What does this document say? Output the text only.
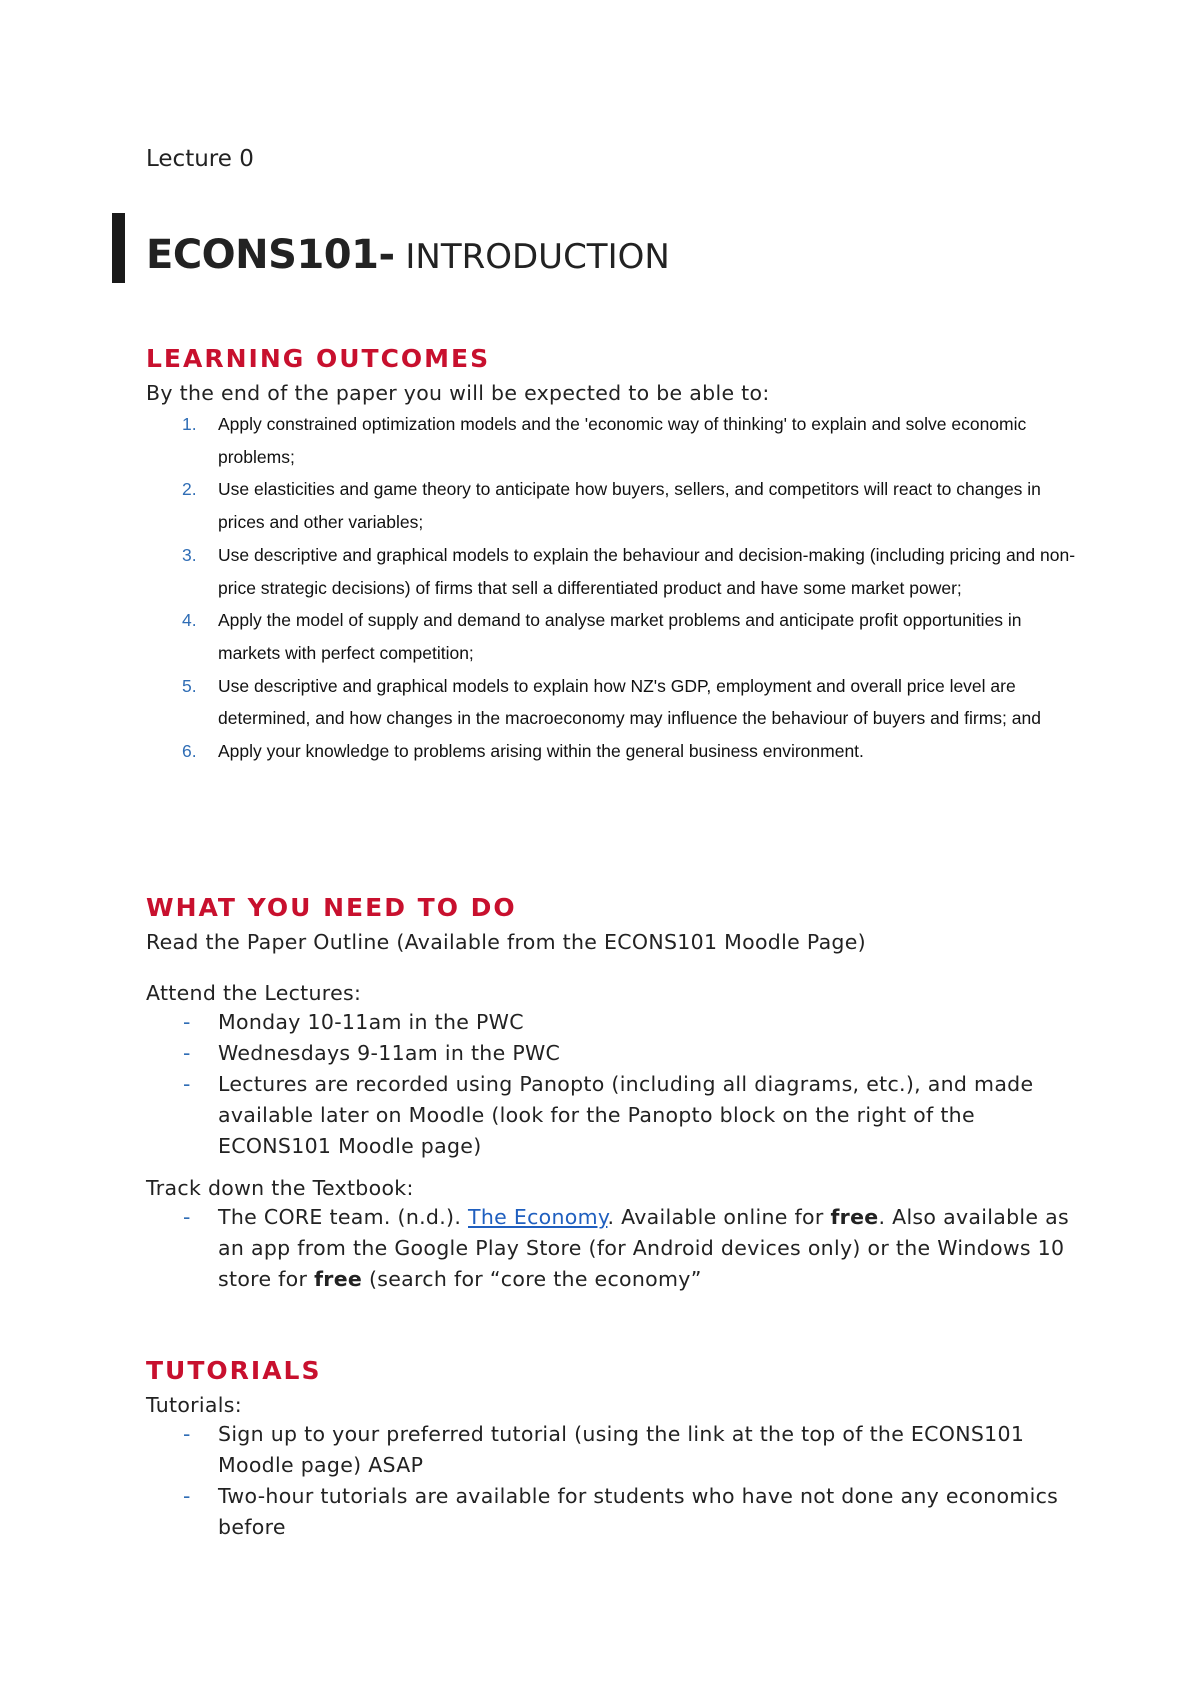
Lecture 0
ECONS101- INTRODUCTION
LEARNING OUTCOMES
By the end of the paper you will be expected to be able to:
1. Apply constrained optimization models and the 'economic way of thinking' to explain and solve economic problems;
2. Use elasticities and game theory to anticipate how buyers, sellers, and competitors will react to changes in prices and other variables;
3. Use descriptive and graphical models to explain the behaviour and decision-making (including pricing and non-price strategic decisions) of firms that sell a differentiated product and have some market power;
4. Apply the model of supply and demand to analyse market problems and anticipate profit opportunities in markets with perfect competition;
5. Use descriptive and graphical models to explain how NZ's GDP, employment and overall price level are determined, and how changes in the macroeconomy may influence the behaviour of buyers and firms; and
6. Apply your knowledge to problems arising within the general business environment.
WHAT YOU NEED TO DO
Read the Paper Outline (Available from the ECONS101 Moodle Page)
Attend the Lectures:
- Monday 10-11am in the PWC
- Wednesdays 9-11am in the PWC
- Lectures are recorded using Panopto (including all diagrams, etc.), and made available later on Moodle (look for the Panopto block on the right of the ECONS101 Moodle page)
Track down the Textbook:
- The CORE team. (n.d.). The Economy. Available online for free. Also available as an app from the Google Play Store (for Android devices only) or the Windows 10 store for free (search for “core the economy”
TUTORIALS
Tutorials:
- Sign up to your preferred tutorial (using the link at the top of the ECONS101 Moodle page) ASAP
- Two-hour tutorials are available for students who have not done any economics before
